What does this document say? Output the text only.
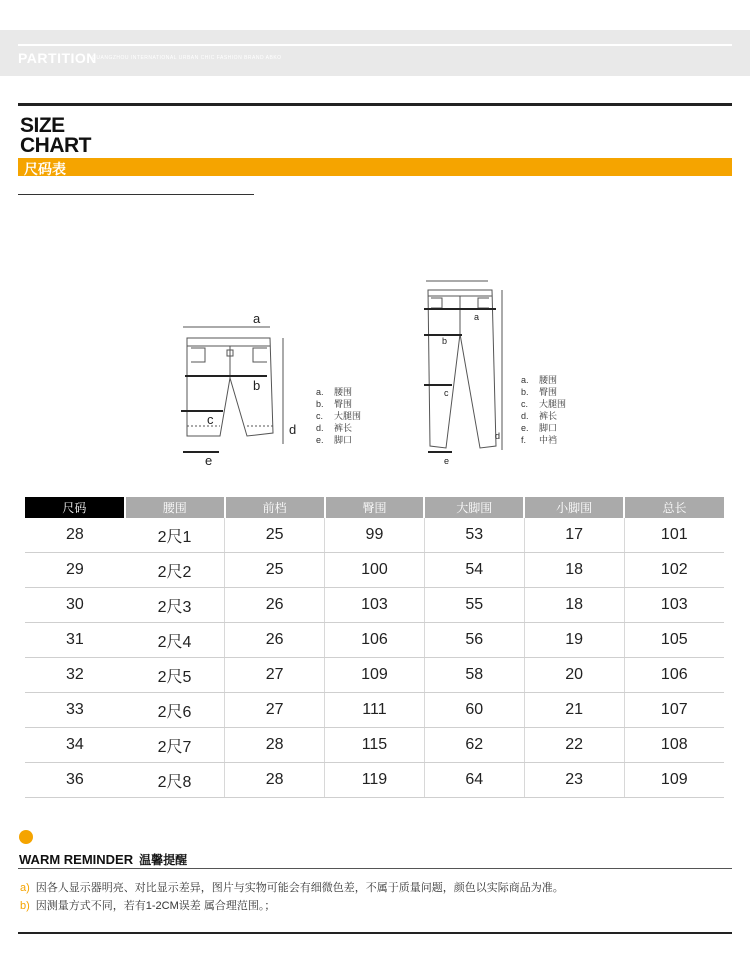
PARTITION
GUANGZHOU INTERNATIONAL URBAN CHIC FASHION BRAND ABKO
SIZE
CHART
尺码表
a
b
c
d
e
a. 腰围
b. 臀围
c. 大腿围
d. 裤长
e. 脚口
a
b
c
d
e
a. 腰围
b. 臀围
c. 大腿围
d. 裤长
e. 脚口
f.	中裆
尺码	腰围	前档	臀围	大脚围	小脚围	总长
28	2尺1	25	99	53	17	101
29	2尺2	25	100	54	18	102
30	2尺3	26	103	55	18	103
31	2尺4	26	106	56	19	105
32	2尺5	27	109	58	20	106
33	2尺6	27	111	60	21	107
34	2尺7	28	115	62	22	108
36	2尺8	28	119	64	23	109
WARM REMINDER 温馨提醒
a) 因各人显示器明亮、对比显示差异，图片与实物可能会有细微色差，不属于质量问题，颜色以实际商品为准。
b) 因测量方式不同，若有1-2CM误差 属合理范围。；
